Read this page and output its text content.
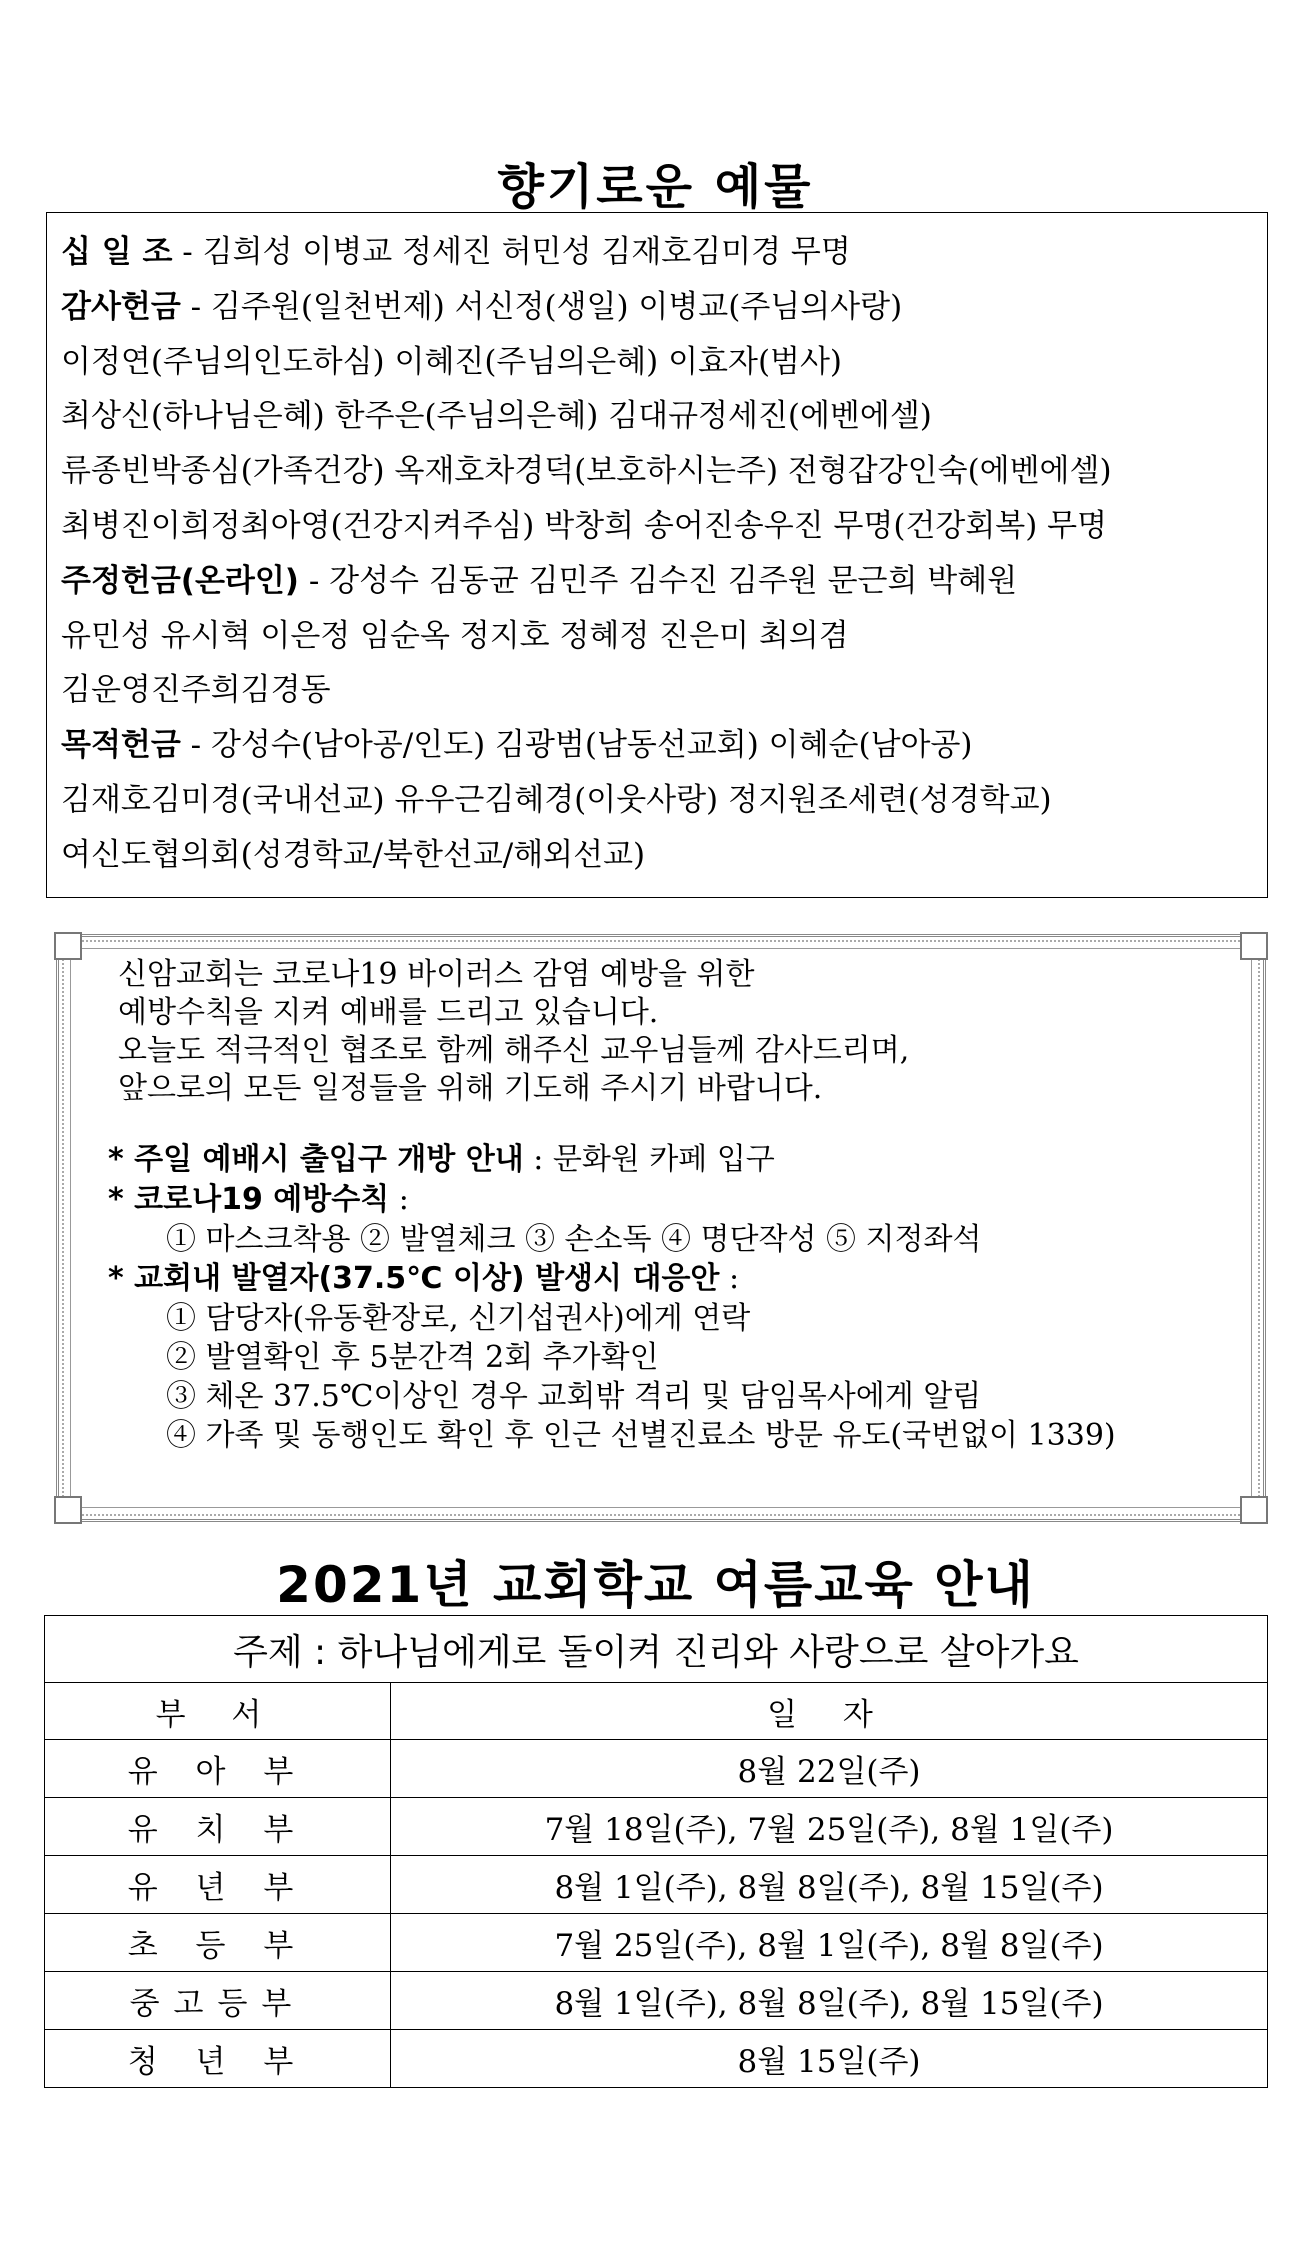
향기로운 예물
십 일 조 - 김희성 이병교 정세진 허민성 김재호김미경 무명
감사헌금 - 김주원(일천번제) 서신정(생일) 이병교(주님의사랑)
이정연(주님의인도하심) 이혜진(주님의은혜) 이효자(범사)
최상신(하나님은혜) 한주은(주님의은혜) 김대규정세진(에벤에셀)
류종빈박종심(가족건강) 옥재호차경덕(보호하시는주) 전형갑강인숙(에벤에셀)
최병진이희정최아영(건강지켜주심) 박창희 송어진송우진 무명(건강회복) 무명
주정헌금(온라인) - 강성수 김동균 김민주 김수진 김주원 문근희 박혜원
유민성 유시혁 이은정 임순옥 정지호 정혜정 진은미 최의겸
김운영진주희김경동
목적헌금 - 강성수(남아공/인도) 김광범(남동선교회) 이혜순(남아공)
김재호김미경(국내선교) 유우근김혜경(이웃사랑) 정지원조세련(성경학교)
여신도협의회(성경학교/북한선교/해외선교)
신암교회는 코로나19 바이러스 감염 예방을 위한
예방수칙을 지켜 예배를 드리고 있습니다.
오늘도 적극적인 협조로 함께 해주신 교우님들께 감사드리며,
앞으로의 모든 일정들을 위해 기도해 주시기 바랍니다.
* 주일 예배시 출입구 개방 안내 : 문화원 카페 입구
* 코로나19 예방수칙 :
① 마스크착용 ② 발열체크 ③ 손소독 ④ 명단작성 ⑤ 지정좌석
* 교회내 발열자(37.5℃ 이상) 발생시 대응안 :
① 담당자(유동환장로, 신기섭권사)에게 연락
② 발열확인 후 5분간격 2회 추가확인
③ 체온 37.5℃이상인 경우 교회밖 격리 및 담임목사에게 알림
④ 가족 및 동행인도 확인 후 인근 선별진료소 방문 유도(국번없이 1339)
2021년 교회학교 여름교육 안내
주제 : 하나님에게로 돌이켜 진리와 사랑으로 살아가요	
부 서	일 자
유 아 부	8월 22일(주)
유 치 부	7월 18일(주), 7월 25일(주), 8월 1일(주)
유 년 부	8월 1일(주), 8월 8일(주), 8월 15일(주)
초 등 부	7월 25일(주), 8월 1일(주), 8월 8일(주)
중고등부	8월 1일(주), 8월 8일(주), 8월 15일(주)
청 년 부	8월 15일(주)
